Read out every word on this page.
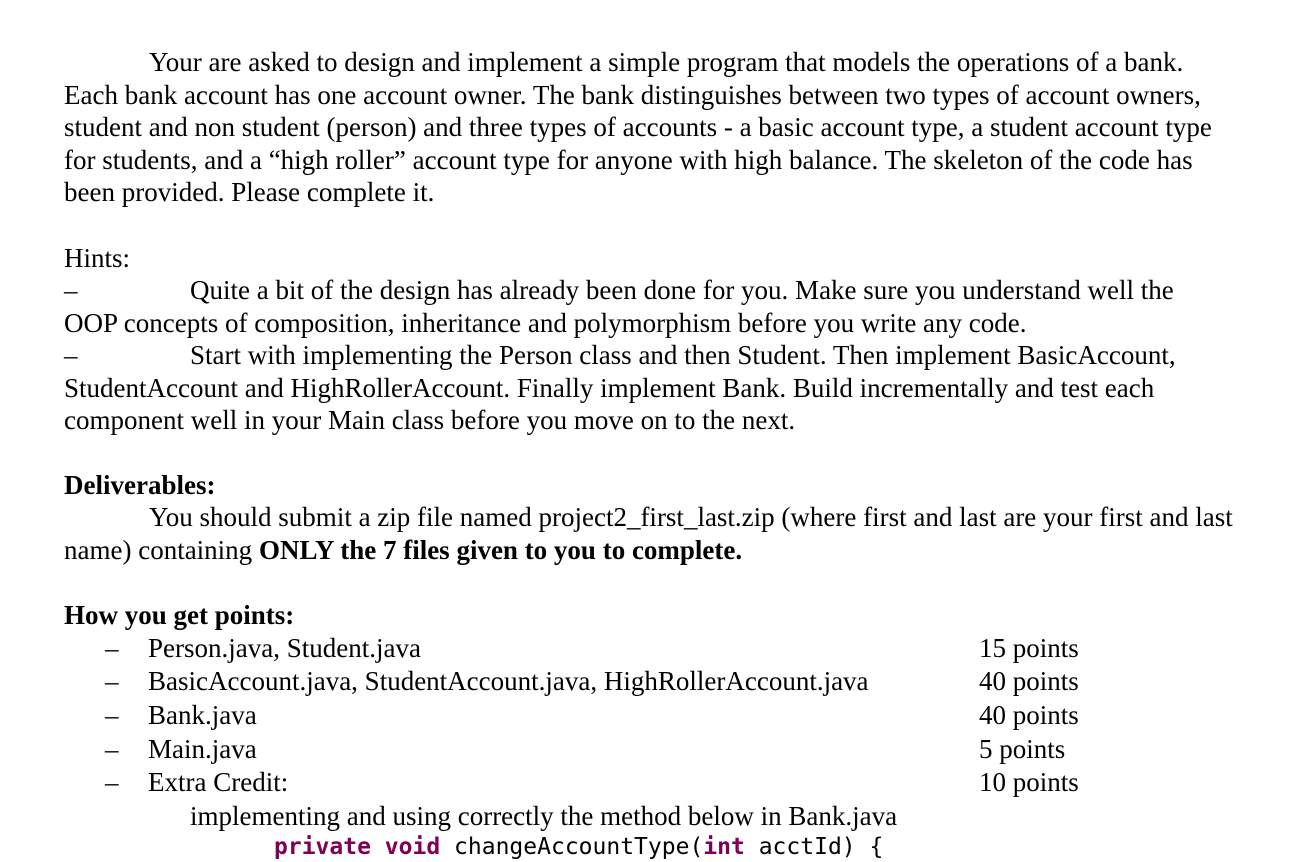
Your are asked to design and implement a simple program that models the operations of a bank.

Each bank account has one account owner. The bank distinguishes between two types of account owners, student and non student (person) and three types of accounts - a basic account type, a student account type for students, and a “high roller” account type for anyone with high balance. The skeleton of the code has been provided. Please complete it.

Hints:

–	Quite a bit of the design has already been done for you. Make sure you understand well the

OOP concepts of composition, inheritance and polymorphism before you write any code.

–	Start with implementing the Person class and then Student. Then implement BasicAccount,

StudentAccount and HighRollerAccount. Finally implement Bank. Build incrementally and test each component well in your Main class before you move on to the next.

Deliverables:

You should submit a zip file named project2_first_last.zip (where first and last are your first and last name) containing ONLY the 7 files given to you to complete.

How you get points:

– Person.java, Student.java	15 points
– BasicAccount.java, StudentAccount.java, HighRollerAccount.java	40 points
– Bank.java	40 points
– Main.java	5 points
– Extra Credit:	10 points

implementing and using correctly the method below in Bank.java

private void changeAccountType(int acctId) {
